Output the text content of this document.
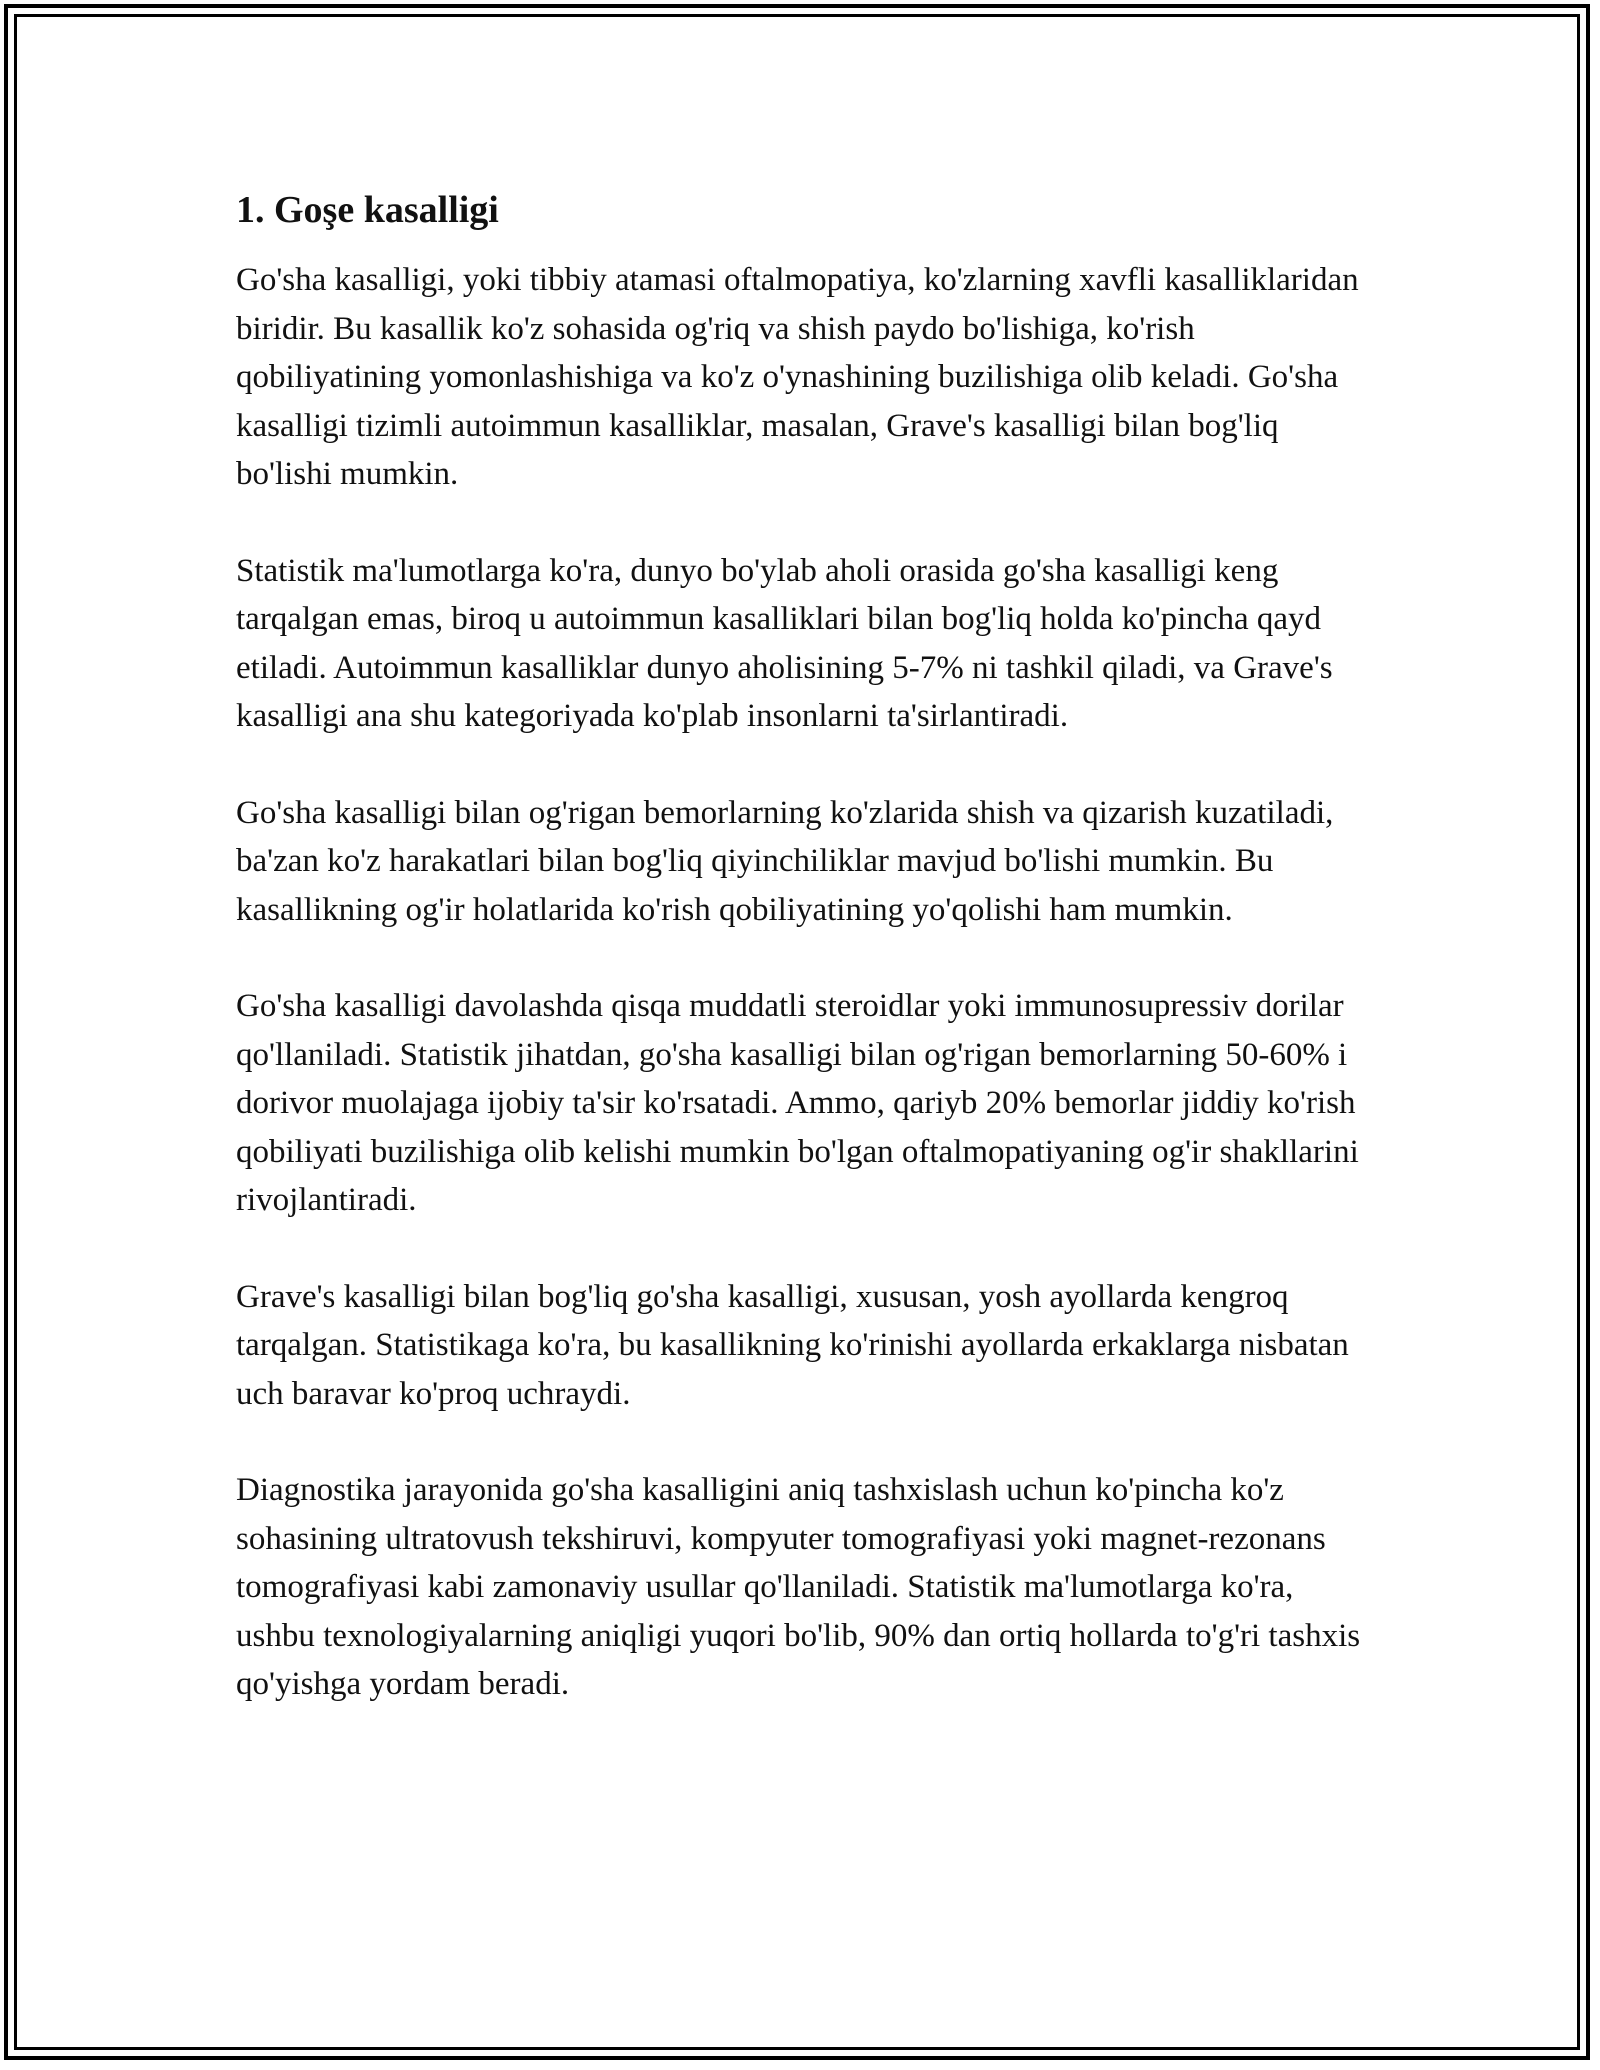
1. Goşe kasalligi

Go'sha kasalligi, yoki tibbiy atamasi oftalmopatiya, ko'zlarning xavfli kasalliklaridan biridir. Bu kasallik ko'z sohasida og'riq va shish paydo bo'lishiga, ko'rish qobiliyatining yomonlashishiga va ko'z o'ynashining buzilishiga olib keladi. Go'sha kasalligi tizimli autoimmun kasalliklar, masalan, Grave's kasalligi bilan bog'liq bo'lishi mumkin.

Statistik ma'lumotlarga ko'ra, dunyo bo'ylab aholi orasida go'sha kasalligi keng tarqalgan emas, biroq u autoimmun kasalliklari bilan bog'liq holda ko'pincha qayd etiladi. Autoimmun kasalliklar dunyo aholisining 5-7% ni tashkil qiladi, va Grave's kasalligi ana shu kategoriyada ko'plab insonlarni ta'sirlantiradi.

Go'sha kasalligi bilan og'rigan bemorlarning ko'zlarida shish va qizarish kuzatiladi, ba'zan ko'z harakatlari bilan bog'liq qiyinchiliklar mavjud bo'lishi mumkin. Bu kasallikning og'ir holatlarida ko'rish qobiliyatining yo'qolishi ham mumkin.

Go'sha kasalligi davolashda qisqa muddatli steroidlar yoki immunosupressiv dorilar qo'llaniladi. Statistik jihatdan, go'sha kasalligi bilan og'rigan bemorlarning 50-60% i dorivor muolajaga ijobiy ta'sir ko'rsatadi. Ammo, qariyb 20% bemorlar jiddiy ko'rish qobiliyati buzilishiga olib kelishi mumkin bo'lgan oftalmopatiyaning og'ir shakllarini rivojlantiradi.

Grave's kasalligi bilan bog'liq go'sha kasalligi, xususan, yosh ayollarda kengroq tarqalgan. Statistikaga ko'ra, bu kasallikning ko'rinishi ayollarda erkaklarga nisbatan uch baravar ko'proq uchraydi.

Diagnostika jarayonida go'sha kasalligini aniq tashxislash uchun ko'pincha ko'z sohasining ultratovush tekshiruvi, kompyuter tomografiyasi yoki magnet-rezonans tomografiyasi kabi zamonaviy usullar qo'llaniladi. Statistik ma'lumotlarga ko'ra, ushbu texnologiyalarning aniqligi yuqori bo'lib, 90% dan ortiq hollarda to'g'ri tashxis qo'yishga yordam beradi.
